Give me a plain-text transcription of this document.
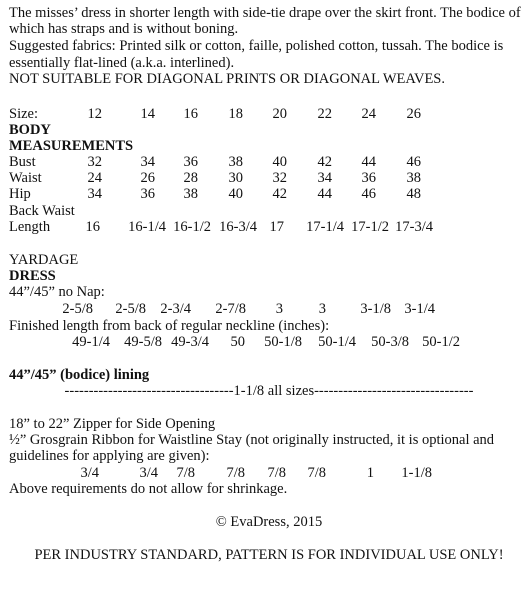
The misses’ dress in shorter length with side-tie drape over the skirt front. The bodice of
which has straps and is without boning.
Suggested fabrics: Printed silk or cotton, faille, polished cotton, tussah. The bodice is
essentially flat-lined (a.k.a. interlined).
NOT SUITABLE FOR DIAGONAL PRINTS OR DIAGONAL WEAVES.
Size:	12	14 16 18 20 22 24 26
BODY
MEASUREMENTS
Bust	32	34 36 38 40 42 44 46
Waist	24	26 28 30 32 34 36 38
Hip	34	36 38 40 42 44 46 48
Back Waist
Length 16 16-1/4 16-1/2 16-3/4 17 17-1/4 17-1/2 17-3/4
YARDAGE
DRESS
44”/45” no Nap:
2-5/8 2-5/8 2-3/4 2-7/8 3 3 3-1/8 3-1/4
Finished length from back of regular neckline (inches):
49-1/4 49-5/8 49-3/4 50 50-1/8 50-1/4 50-3/8 50-1/2
44”/45” (bodice) lining
-----------------------------------1-1/8 all sizes---------------------------------
18” to 22” Zipper for Side Opening
½” Grosgrain Ribbon for Waistline Stay (not originally instructed, it is optional and
guidelines for applying are given):
3/4	3/4 7/8 7/8 7/8 7/8	1 1-1/8
Above requirements do not allow for shrinkage.
© EvaDress, 2015
PER INDUSTRY STANDARD, PATTERN IS FOR INDIVIDUAL USE ONLY!
